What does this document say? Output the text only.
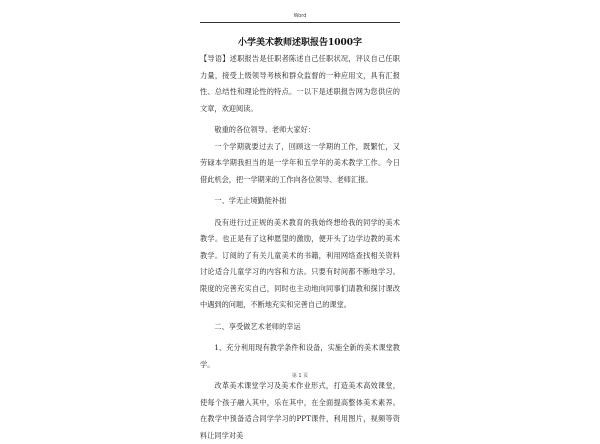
Word
小学美术教师述职报告1000字

【导语】述职报告是任职者陈述自己任职状况，评议自己任职力量，接受上级领导考核和群众监督的一种应用文，具有汇报性、总结性和理论性的特点。一以下是述职报告网为您供应的文章，欢迎阅读。

敬重的各位领导、老师大家好：

一个学期就要过去了，回顾这一学期的工作，既繁忙，又劳碌本学期我担当的是一学年和五学年的美术教学工作。今日借此机会，把一学期来的工作向各位领导、老师汇报。

一、学无止境勤能补拙

没有进行过正规的美术教育的我始终想给我的同学的美术教学。也正是有了这种愿望的激励，便开头了边学边教的美术教学。订阅的了有关儿童美术的书籍，利用网络查找相关资料讨论适合儿童学习的内容和方法。只要有时间都不断地学习。限度的完善充实自己，同时也主动地向同事们请教和探讨课改中遇到的问题，不断地充实和完善自己的课堂。

二、享受做艺术老师的幸运

1、充分利用现有教学条件和设备，实施全新的美术课堂教学。

改革美术课堂学习及美术作业形式，打造美术高效课堂，使每个孩子融入其中，乐在其中，在全面提高整体美术素养。在教学中预备适合同学学习的PPT课件，利用图片，视频等资料让同学对美

第 1 页
